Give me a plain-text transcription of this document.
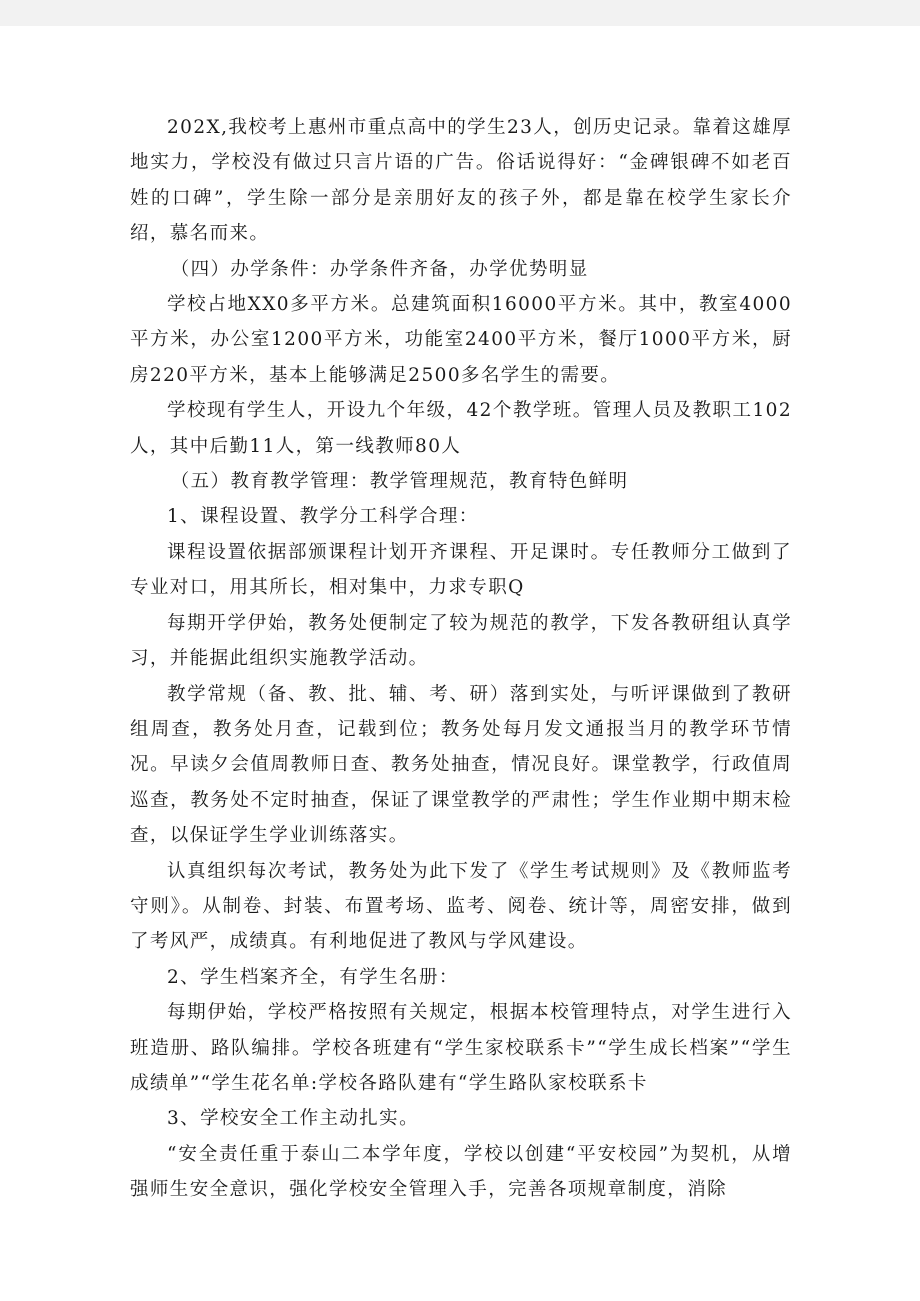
202X,我校考上惠州市重点高中的学生23人，创历史记录。靠着这雄厚地实力，学校没有做过只言片语的广告。俗话说得好：“金碑银碑不如老百姓的口碑”，学生除一部分是亲朋好友的孩子外，都是靠在校学生家长介绍，慕名而来。

（四）办学条件：办学条件齐备，办学优势明显

学校占地XX0多平方米。总建筑面积16000平方米。其中，教室4000平方米，办公室1200平方米，功能室2400平方米，餐厅1000平方米，厨房220平方米，基本上能够满足2500多名学生的需要。

学校现有学生人，开设九个年级，42个教学班。管理人员及教职工102人，其中后勤11人，第一线教师80人

（五）教育教学管理：教学管理规范，教育特色鲜明

1、课程设置、教学分工科学合理：

课程设置依据部颁课程计划开齐课程、开足课时。专任教师分工做到了专业对口，用其所长，相对集中，力求专职Q

每期开学伊始，教务处便制定了较为规范的教学，下发各教研组认真学习，并能据此组织实施教学活动。

教学常规（备、教、批、辅、考、研）落到实处，与听评课做到了教研组周查，教务处月查，记载到位；教务处每月发文通报当月的教学环节情况。早读夕会值周教师日查、教务处抽查，情况良好。课堂教学，行政值周巡查，教务处不定时抽查，保证了课堂教学的严肃性；学生作业期中期末检查，以保证学生学业训练落实。

认真组织每次考试，教务处为此下发了《学生考试规则》及《教师监考守则》。从制卷、封装、布置考场、监考、阅卷、统计等，周密安排，做到了考风严，成绩真。有利地促进了教风与学风建设。

2、学生档案齐全，有学生名册：

每期伊始，学校严格按照有关规定，根据本校管理特点，对学生进行入班造册、路队编排。学校各班建有“学生家校联系卡”“学生成长档案”“学生成绩单”“学生花名单:学校各路队建有“学生路队家校联系卡

3、学校安全工作主动扎实。

“安全责任重于泰山二本学年度，学校以创建“平安校园”为契机，从增强师生安全意识，强化学校安全管理入手，完善各项规章制度，消除
